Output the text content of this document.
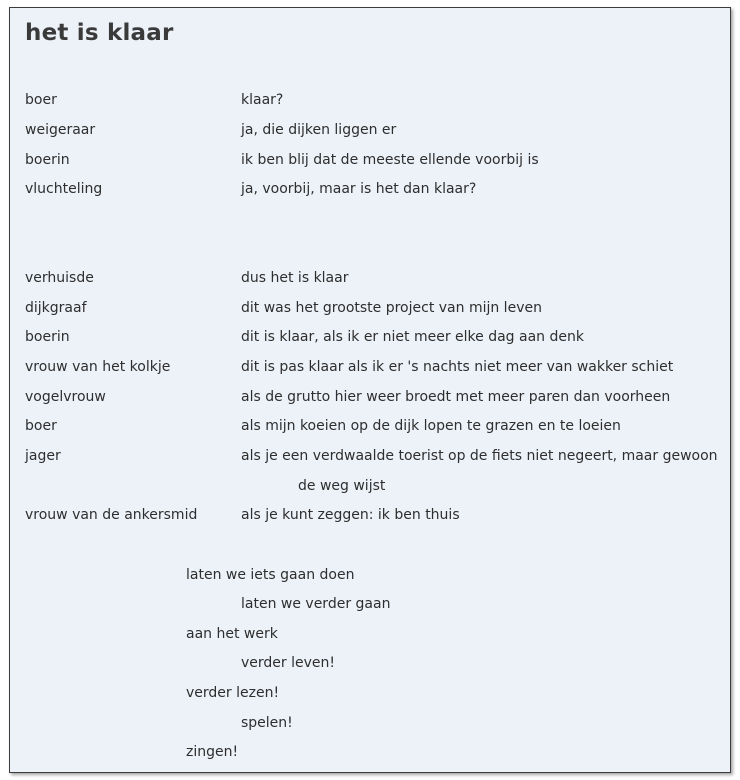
het is klaar
boer	klaar?
weigeraar	ja, die dijken liggen er
boerin	ik ben blij dat de meeste ellende voorbij is
vluchteling	ja, voorbij, maar is het dan klaar?
verhuisde	dus het is klaar
dijkgraaf	dit was het grootste project van mijn leven
boerin	dit is klaar, als ik er niet meer elke dag aan denk
vrouw van het kolkje	dit is pas klaar als ik er 's nachts niet meer van wakker schiet
vogelvrouw	als de grutto hier weer broedt met meer paren dan voorheen
boer	als mijn koeien op de dijk lopen te grazen en te loeien
jager	als je een verdwaalde toerist op de fiets niet negeert, maar gewoon
de weg wijst
vrouw van de ankersmid	als je kunt zeggen: ik ben thuis
laten we iets gaan doen
laten we verder gaan
aan het werk
verder leven!
verder lezen!
spelen!
zingen!
